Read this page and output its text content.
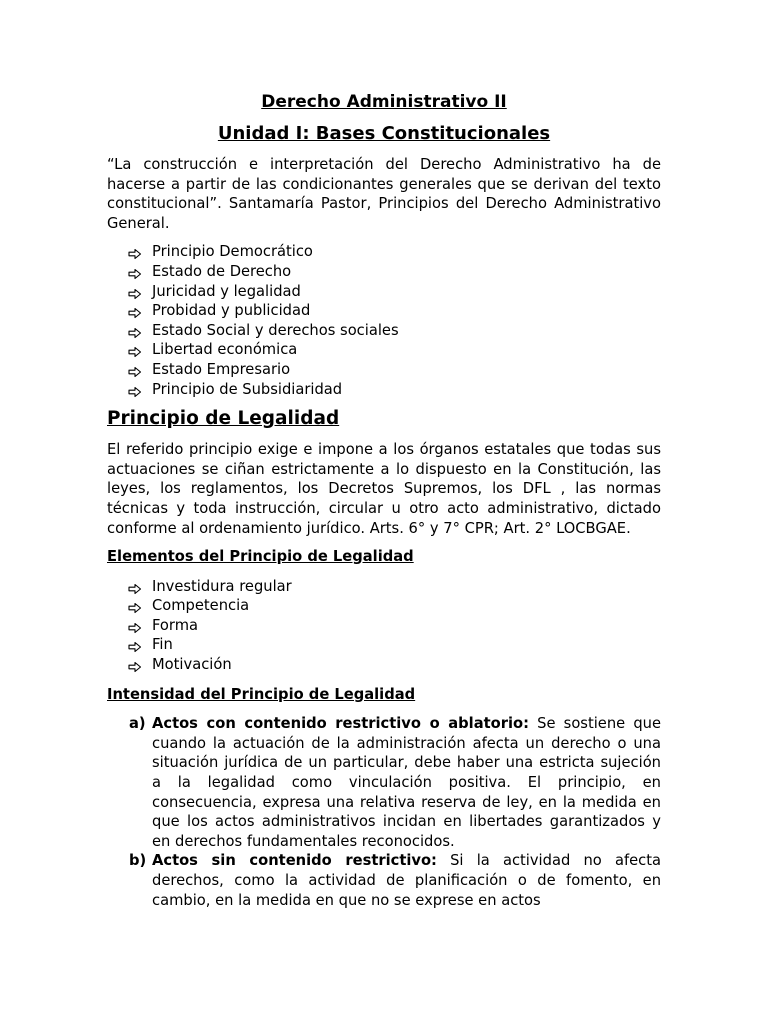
Derecho Administrativo II
Unidad I: Bases Constitucionales

“La construcción e interpretación del Derecho Administrativo ha de hacerse a partir de las condicionantes generales que se derivan del texto constitucional”. Santamaría Pastor, Principios del Derecho Administrativo General.

Principio Democrático
Estado de Derecho
Juricidad y legalidad
Probidad y publicidad
Estado Social y derechos sociales
Libertad económica
Estado Empresario
Principio de Subsidiaridad
Principio de Legalidad

El referido principio exige e impone a los órganos estatales que todas sus actuaciones se ciñan estrictamente a lo dispuesto en la Constitución, las leyes, los reglamentos, los Decretos Supremos, los DFL , las normas técnicas y toda instrucción, circular u otro acto administrativo, dictado conforme al ordenamiento jurídico. Arts. 6° y 7° CPR; Art. 2° LOCBGAE.

Elementos del Principio de Legalidad
Investidura regular
Competencia
Forma
Fin
Motivación
Intensidad del Principio de Legalidad
a) Actos con contenido restrictivo o ablatorio: Se sostiene que cuando la actuación de la administración afecta un derecho o una situación jurídica de un particular, debe haber una estricta sujeción a la legalidad como vinculación positiva. El principio, en consecuencia, expresa una relativa reserva de ley, en la medida en que los actos administrativos incidan en libertades garantizados y en derechos fundamentales reconocidos.
b) Actos sin contenido restrictivo: Si la actividad no afecta derechos, como la actividad de planificación o de fomento, en cambio, en la medida en que no se exprese en actos
